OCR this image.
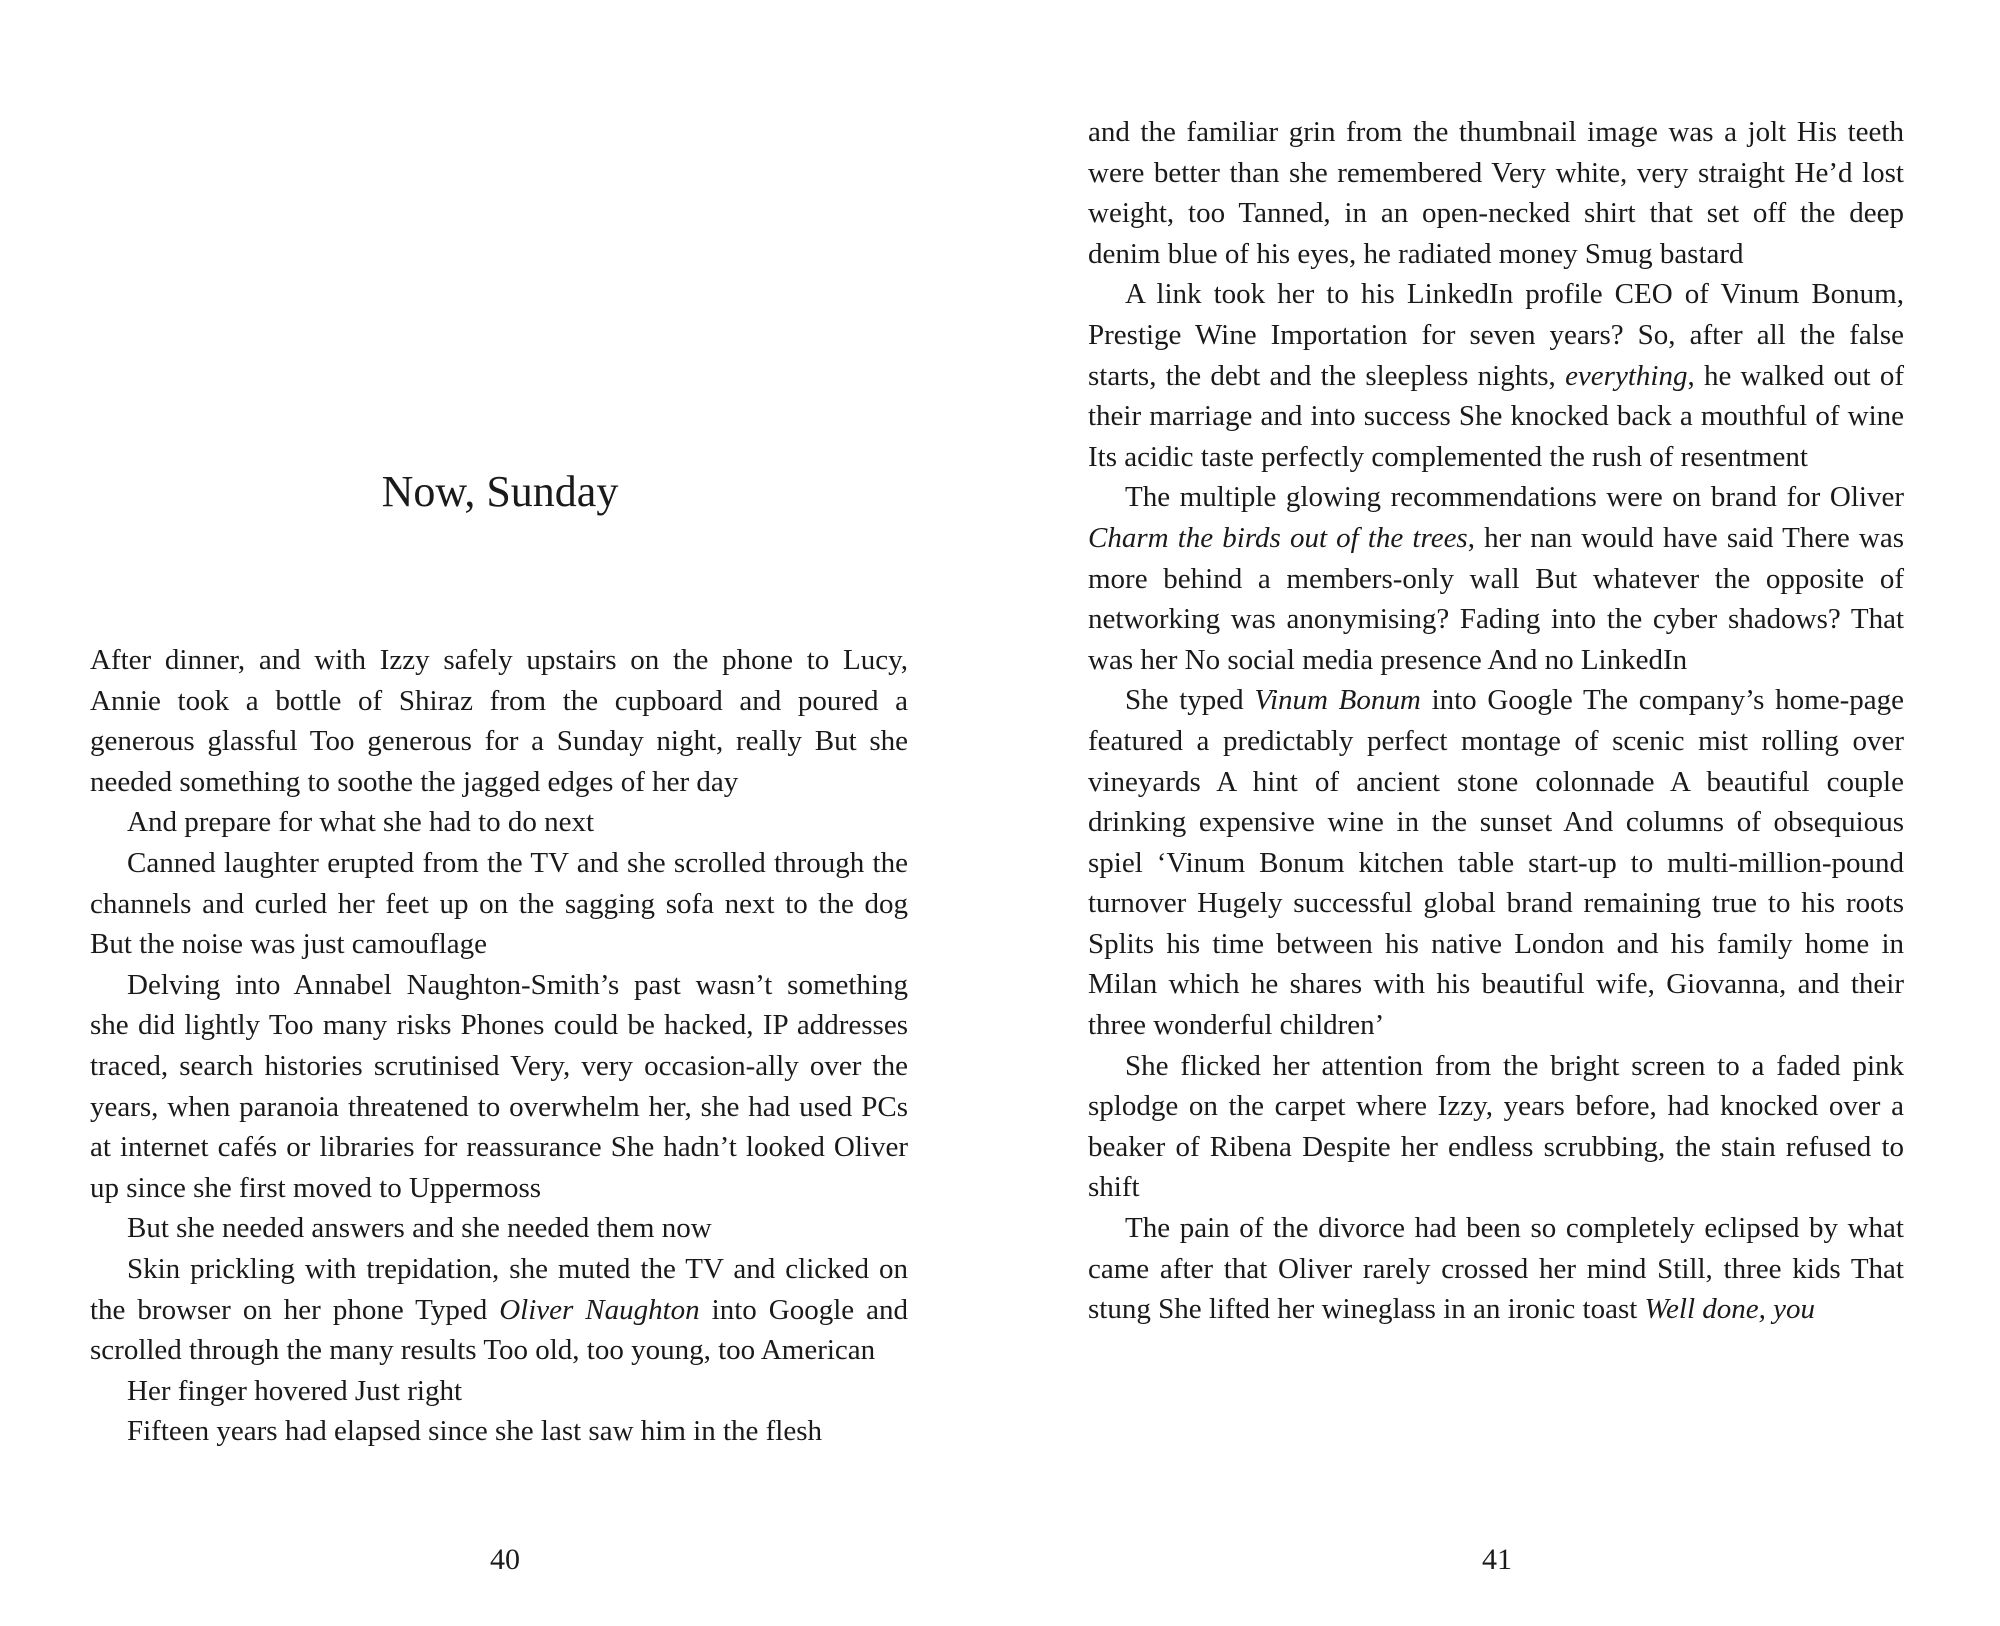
Now, Sunday

After dinner, and with Izzy safely upstairs on the phone to Lucy, Annie took a bottle of Shiraz from the cupboard and poured a generous glassful Too generous for a Sunday night, really But she needed something to soothe the jagged edges of her day

And prepare for what she had to do next

Canned laughter erupted from the TV and she scrolled through the channels and curled her feet up on the sagging sofa next to the dog But the noise was just camouflage

Delving into Annabel Naughton-Smith’s past wasn’t something she did lightly Too many risks Phones could be hacked, IP addresses traced, search histories scrutinised Very, very occasion-ally over the years, when paranoia threatened to overwhelm her, she had used PCs at internet cafés or libraries for reassurance She hadn’t looked Oliver up since she first moved to Uppermoss

But she needed answers and she needed them now

Skin prickling with trepidation, she muted the TV and clicked on the browser on her phone Typed Oliver Naughton into Google and scrolled through the many results Too old, too young, too American

Her finger hovered Just right

Fifteen years had elapsed since she last saw him in the flesh

40

and the familiar grin from the thumbnail image was a jolt His teeth were better than she remembered Very white, very straight He’d lost weight, too Tanned, in an open-necked shirt that set off the deep denim blue of his eyes, he radiated money Smug bastard

A link took her to his LinkedIn profile CEO of Vinum Bonum, Prestige Wine Importation for seven years? So, after all the false starts, the debt and the sleepless nights, everything, he walked out of their marriage and into success She knocked back a mouthful of wine Its acidic taste perfectly complemented the rush of resentment

The multiple glowing recommendations were on brand for Oliver Charm the birds out of the trees, her nan would have said There was more behind a members-only wall But whatever the opposite of networking was anonymising? Fading into the cyber shadows? That was her No social media presence And no LinkedIn

She typed Vinum Bonum into Google The company’s home-page featured a predictably perfect montage of scenic mist rolling over vineyards A hint of ancient stone colonnade A beautiful couple drinking expensive wine in the sunset And columns of obsequious spiel ‘Vinum Bonum kitchen table start-up to multi-million-pound turnover Hugely successful global brand remaining true to his roots Splits his time between his native London and his family home in Milan which he shares with his beautiful wife, Giovanna, and their three wonderful children’

She flicked her attention from the bright screen to a faded pink splodge on the carpet where Izzy, years before, had knocked over a beaker of Ribena Despite her endless scrubbing, the stain refused to shift

The pain of the divorce had been so completely eclipsed by what came after that Oliver rarely crossed her mind Still, three kids That stung She lifted her wineglass in an ironic toast Well done, you

41
